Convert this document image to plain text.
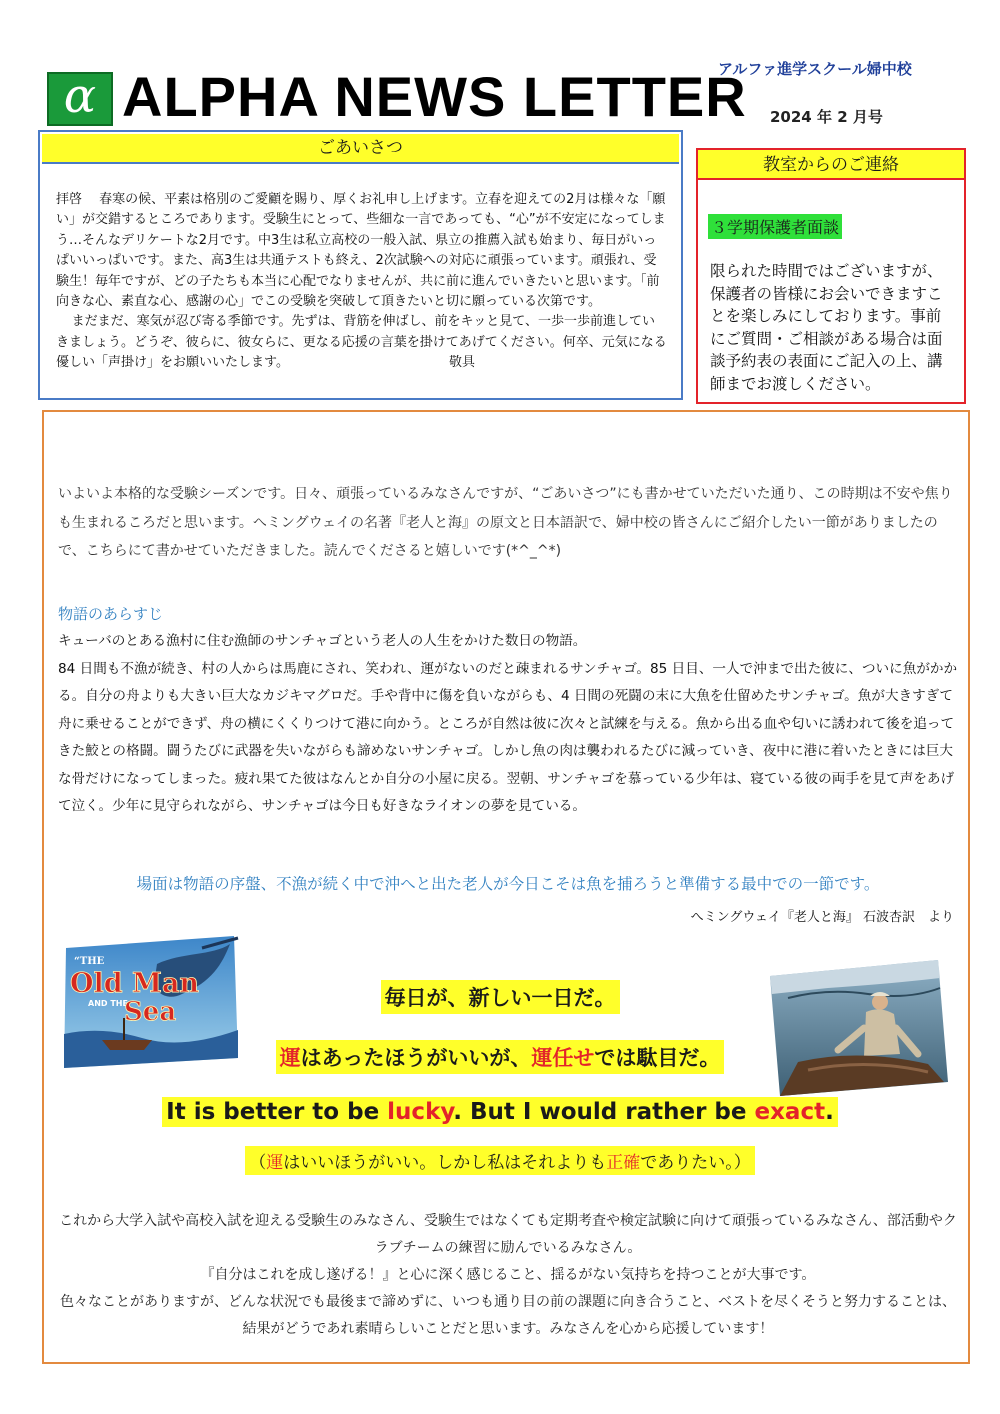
α ALPHA NEWS LETTER
アルファ進学スクール婦中校
2024 年 2 月号
ごあいさつ

拝啓　 春寒の候、平素は格別のご愛顧を賜り、厚くお礼申し上げます。立春を迎えての2月は様々な「願い」が交錯するところであります。受験生にとって、些細な一言であっても、“心”が不安定になってしまう…そんなデリケートな2月です。中3生は私立高校の一般入試、県立の推薦入試も始まり、毎日がいっぱいいっぱいです。また、高3生は共通テストも終え、2次試験への対応に頑張っています。頑張れ、受験生！毎年ですが、どの子たちも本当に心配でなりませんが、共に前に進んでいきたいと思います。「前向きな心、素直な心、感謝の心」でこの受験を突破して頂きたいと切に願っている次第です。

まだまだ、寒気が忍び寄る季節です。先ずは、背筋を伸ばし、前をキッと見て、一歩一歩前進していきましょう。どうぞ、彼らに、彼女らに、更なる応援の言葉を掛けてあげてください。何卒、元気になる優しい「声掛け」をお願いいたします。	敬具

教室からのご連絡
３学期保護者面談
限られた時間ではございますが、保護者の皆様にお会いできますことを楽しみにしております。事前にご質問・ご相談がある場合は面談予約表の表面にご記入の上、講師までお渡しください。
いよいよ本格的な受験シーズンです。日々、頑張っているみなさんですが、“ごあいさつ”にも書かせていただいた通り、この時期は不安や焦りも生まれるころだと思います。へミングウェイの名著『老人と海』の原文と日本語訳で、婦中校の皆さんにご紹介したい一節がありましたので、こちらにて書かせていただきました。読んでくださると嬉しいです(*^_^*)
物語のあらすじ

キューバのとある漁村に住む漁師のサンチャゴという老人の人生をかけた数日の物語。

84 日間も不漁が続き、村の人からは馬鹿にされ、笑われ、運がないのだと疎まれるサンチャゴ。85 日目、一人で沖まで出た彼に、ついに魚がかかる。自分の舟よりも大きい巨大なカジキマグロだ。手や背中に傷を負いながらも、4 日間の死闘の末に大魚を仕留めたサンチャゴ。魚が大きすぎて舟に乗せることができず、舟の横にくくりつけて港に向かう。ところが自然は彼に次々と試練を与える。魚から出る血や匂いに誘われて後を追ってきた鮫との格闘。闘うたびに武器を失いながらも諦めないサンチャゴ。しかし魚の肉は襲われるたびに減っていき、夜中に港に着いたときには巨大な骨だけになってしまった。疲れ果てた彼はなんとか自分の小屋に戻る。翌朝、サンチャゴを慕っている少年は、寝ている彼の両手を見て声をあげて泣く。少年に見守られながら、サンチャゴは今日も好きなライオンの夢を見ている。

場面は物語の序盤、不漁が続く中で沖へと出た老人が今日こそは魚を捕ろうと準備する最中での一節です。
へミングウェイ『老人と海』 石波杏訳　より
“THE
Old Man
AND THE
Sea	毎日が、新しい一日だ。
運はあったほうがいいが、運任せでは駄目だ。
It is better to be lucky. But I would rather be exact.
（運はいいほうがいい。しかし私はそれよりも正確でありたい。）

これから大学入試や高校入試を迎える受験生のみなさん、受験生ではなくても定期考査や検定試験に向けて頑張っているみなさん、部活動やクラブチームの練習に励んでいるみなさん。

『自分はこれを成し遂げる！』と心に深く感じること、揺るがない気持ちを持つことが大事です。

色々なことがありますが、どんな状況でも最後まで諦めずに、いつも通り目の前の課題に向き合うこと、ベストを尽くそうと努力することは、結果がどうであれ素晴らしいことだと思います。みなさんを心から応援しています！
